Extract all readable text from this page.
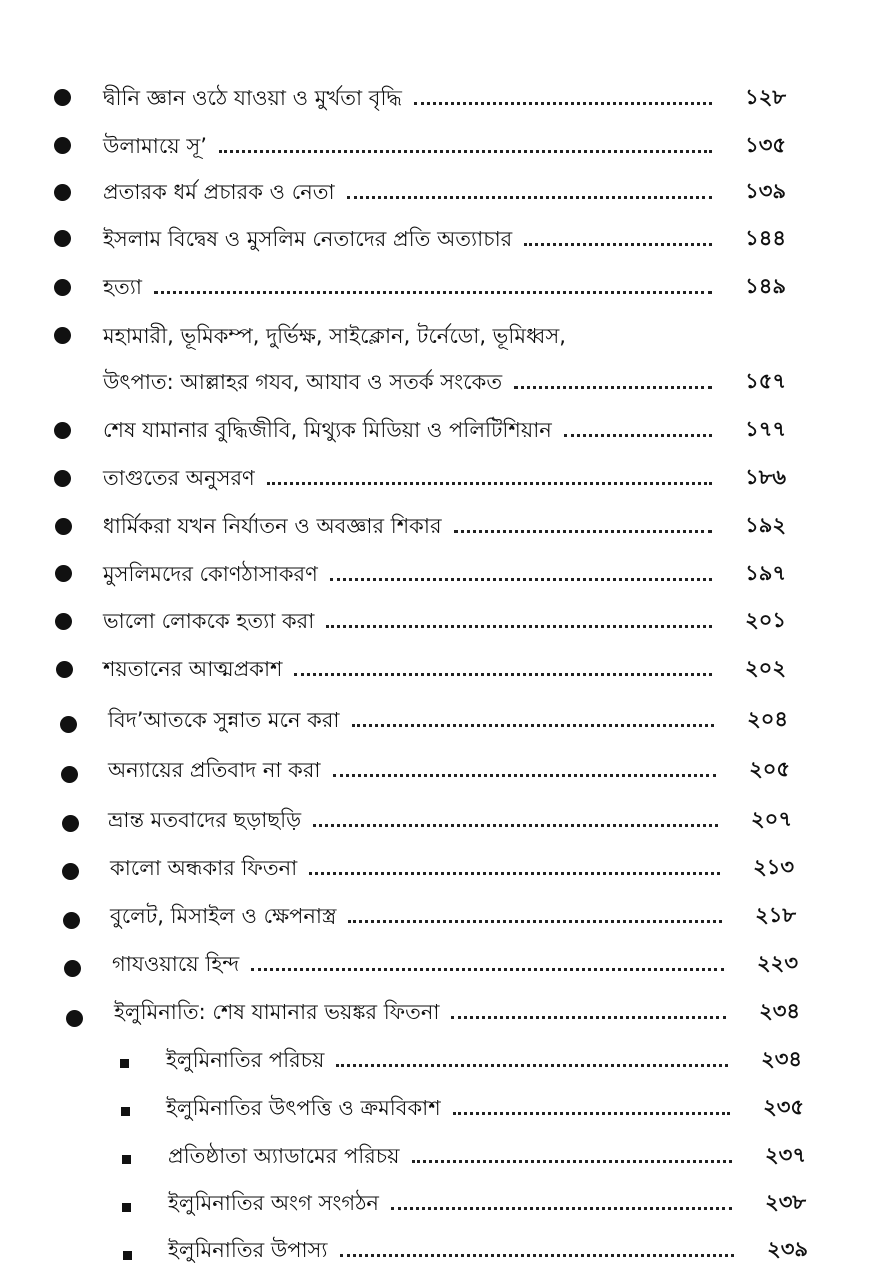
দ্বীনি জ্ঞান ওঠে যাওয়া ও মুর্খতা বৃদ্ধি	১২৮
উলামায়ে সূ’	১৩৫
প্রতারক ধর্ম প্রচারক ও নেতা	১৩৯
ইসলাম বিদ্বেষ ও মুসলিম নেতাদের প্রতি অত্যাচার	১৪৪
হত্যা	১৪৯
মহামারী, ভূমিকম্প, দুর্ভিক্ষ, সাইক্লোন, টর্নেডো, ভূমিধ্বস,
উৎপাত: আল্লাহর গযব, আযাব ও সতর্ক সংকেত	১৫৭
শেষ যামানার বুদ্ধিজীবি, মিথ্যুক মিডিয়া ও পলিটিশিয়ান	১৭৭
তাগুতের অনুসরণ	১৮৬
ধার্মিকরা যখন নির্যাতন ও অবজ্ঞার শিকার	১৯২
মুসলিমদের কোণঠাসাকরণ	১৯৭
ভালো লোককে হত্যা করা	২০১
শয়তানের আত্মপ্রকাশ	২০২
বিদ’আতকে সুন্নাত মনে করা	২০৪
অন্যায়ের প্রতিবাদ না করা	২০৫
ভ্রান্ত মতবাদের ছড়াছড়ি	২০৭
কালো অন্ধকার ফিতনা	২১৩
বুলেট, মিসাইল ও ক্ষেপনাস্ত্র	২১৮
গাযওয়ায়ে হিন্দ	২২৩
ইলুমিনাতি: শেষ যামানার ভয়ঙ্কর ফিতনা	২৩৪
ইলুমিনাতির পরিচয়	২৩৪
ইলুমিনাতির উৎপত্তি ও ক্রমবিকাশ	২৩৫
প্রতিষ্ঠাতা অ্যাডামের পরিচয়	২৩৭
ইলুমিনাতির অংগ সংগঠন	২৩৮
ইলুমিনাতির উপাস্য	২৩৯
